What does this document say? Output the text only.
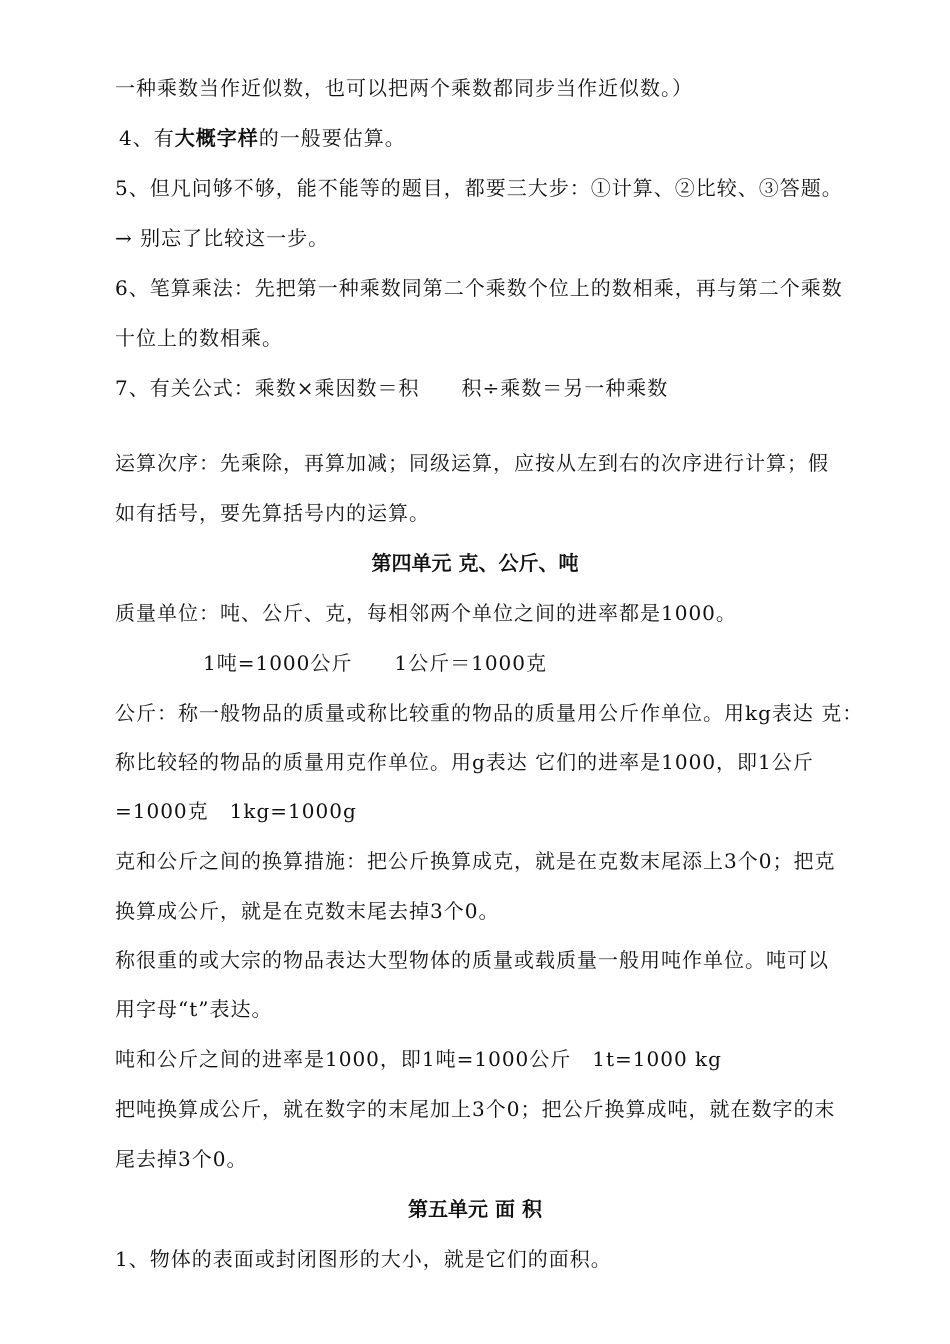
一种乘数当作近似数，也可以把两个乘数都同步当作近似数。）
4、有大概字样的一般要估算。
5、但凡问够不够，能不能等的题目，都要三大步：①计算、②比较、③答题。
→ 别忘了比较这一步。
6、笔算乘法：先把第一种乘数同第二个乘数个位上的数相乘，再与第二个乘数
十位上的数相乘。
7、有关公式：乘数×乘因数＝积　　积÷乘数＝另一种乘数
运算次序：先乘除，再算加减；同级运算，应按从左到右的次序进行计算；假
如有括号，要先算括号内的运算。
第四单元 克、公斤、吨
质量单位：吨、公斤、克，每相邻两个单位之间的进率都是1000。
1吨=1000公斤　　1公斤＝1000克
公斤：称一般物品的质量或称比较重的物品的质量用公斤作单位。用kg表达 克：
称比较轻的物品的质量用克作单位。用g表达 它们的进率是1000，即1公斤
=1000克　1kg=1000g
克和公斤之间的换算措施：把公斤换算成克，就是在克数末尾添上3个0；把克
换算成公斤，就是在克数末尾去掉3个0。
称很重的或大宗的物品表达大型物体的质量或载质量一般用吨作单位。吨可以
用字母“t”表达。
吨和公斤之间的进率是1000，即1吨=1000公斤　1t=1000 kg
把吨换算成公斤，就在数字的末尾加上3个0；把公斤换算成吨，就在数字的末
尾去掉3个0。
第五单元 面 积
1、物体的表面或封闭图形的大小，就是它们的面积。
